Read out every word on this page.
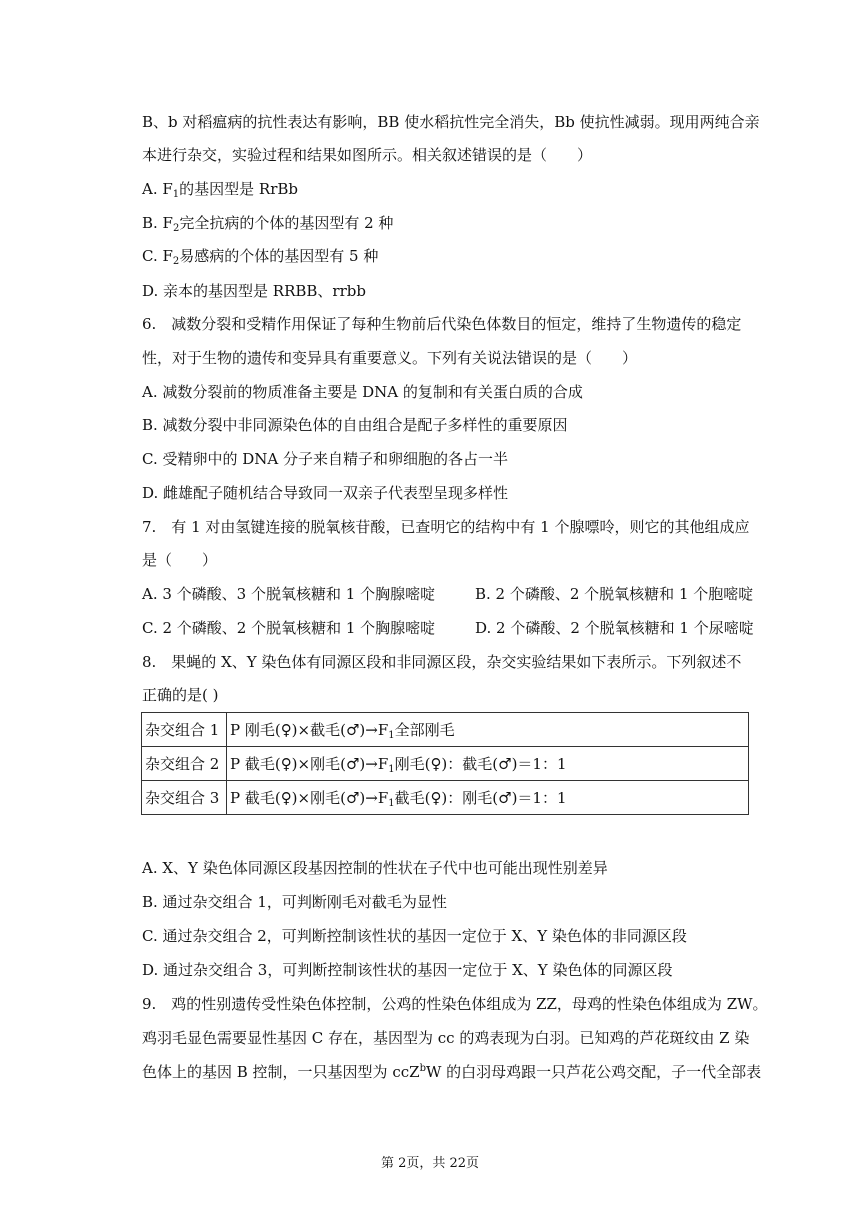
B、b 对稻瘟病的抗性表达有影响，BB 使水稻抗性完全消失，Bb 使抗性减弱。现用两纯合亲
本进行杂交，实验过程和结果如图所示。相关叙述错误的是（　　）
A. $F_1$的基因型是 RrBb
B. $F_2$完全抗病的个体的基因型有 2 种
C. $F_2$易感病的个体的基因型有 5 种
D. 亲本的基因型是 RRBB、rrbb
6.　减数分裂和受精作用保证了每种生物前后代染色体数目的恒定，维持了生物遗传的稳定
性，对于生物的遗传和变异具有重要意义。下列有关说法错误的是（　　）
A. 减数分裂前的物质准备主要是 DNA 的复制和有关蛋白质的合成
B. 减数分裂中非同源染色体的自由组合是配子多样性的重要原因
C. 受精卵中的 DNA 分子来自精子和卵细胞的各占一半
D. 雌雄配子随机结合导致同一双亲子代表型呈现多样性
7.　有 1 对由氢键连接的脱氧核苷酸，已查明它的结构中有 1 个腺嘌呤，则它的其他组成应
是（　　）
A. 3 个磷酸、3 个脱氧核糖和 1 个胸腺嘧啶	B. 2 个磷酸、2 个脱氧核糖和 1 个胞嘧啶
C. 2 个磷酸、2 个脱氧核糖和 1 个胸腺嘧啶	D. 2 个磷酸、2 个脱氧核糖和 1 个尿嘧啶
8.　果蝇的 X、Y 染色体有同源区段和非同源区段，杂交实验结果如下表所示。下列叙述不
正确的是( )
杂交组合 1	P 刚毛(♀)×截毛$(♂)\to F_1$全部刚毛
杂交组合 2	P 截毛(♀)×刚毛$(♂)\to F_1$刚毛(♀)：截毛(♂)＝1：1
杂交组合 3	P 截毛(♀)×刚毛$(♂)\to F_1$截毛(♀)：刚毛(♂)＝1：1
A. X、Y 染色体同源区段基因控制的性状在子代中也可能出现性别差异
B. 通过杂交组合 1，可判断刚毛对截毛为显性
C. 通过杂交组合 2，可判断控制该性状的基因一定位于 X、Y 染色体的非同源区段
D. 通过杂交组合 3，可判断控制该性状的基因一定位于 X、Y 染色体的同源区段
9.　鸡的性别遗传受性染色体控制，公鸡的性染色体组成为 ZZ，母鸡的性染色体组成为 ZW。
鸡羽毛显色需要显性基因 C 存在，基因型为 cc 的鸡表现为白羽。已知鸡的芦花斑纹由 Z 染
色体上的基因 B 控制，一只基因型为 ccZ$^b$W 的白羽母鸡跟一只芦花公鸡交配，子一代全部表
第 2页，共 22页
